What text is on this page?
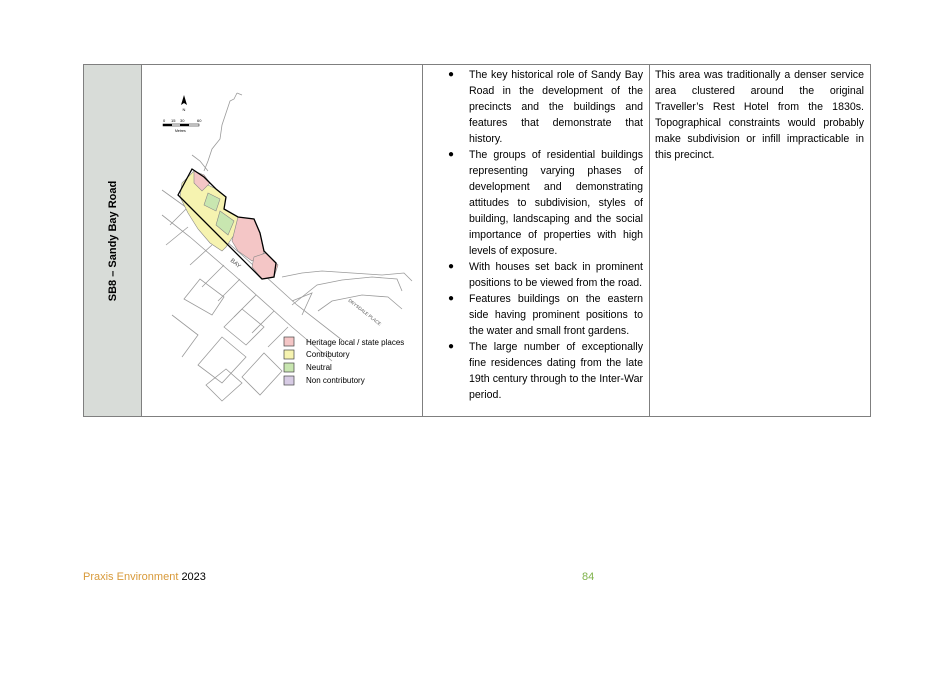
SB8 – Sandy Bay Road
N
0 15 30	60
Metres
BAY
DRYSDALE PLACE
Heritage local / state places
Contributory
Neutral
Non contributory
● The key historical role of Sandy Bay Road in the development of the precincts and the buildings and features that demonstrate that history.
● The groups of residential buildings representing varying phases of development and demonstrating attitudes to subdivision, styles of building, landscaping and the social importance of properties with high levels of exposure.
● With houses set back in prominent positions to be viewed from the road.
● Features buildings on the eastern side having prominent positions to the water and small front gardens.
● The large number of exceptionally fine residences dating from the late 19th century through to the Inter-War period.

This area was traditionally a denser service area clustered around the original Traveller’s Rest Hotel from the 1830s. Topographical constraints would probably make subdivision or infill impracticable in this precinct.

Praxis Environment 2023	84
